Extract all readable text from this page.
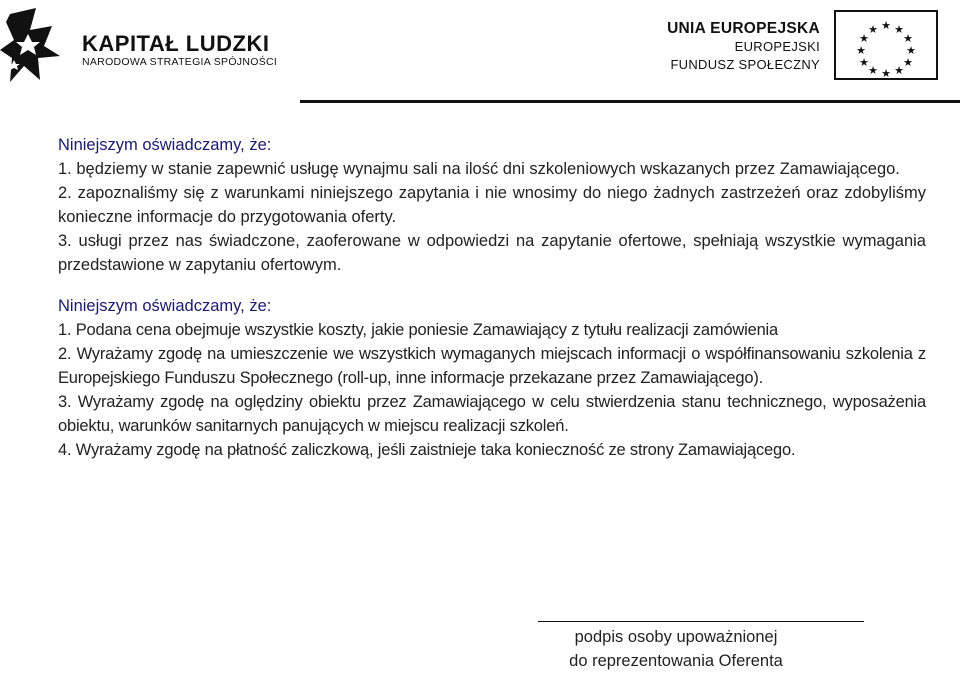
KAPITAŁ LUDZKI
NARODOWA STRATEGIA SPÓJNOŚCI
UNIA EUROPEJSKA
EUROPEJSKI
FUNDUSZ SPOŁECZNY
★ ★
★
★
★
★
★
★
★
★
★
★
Niniejszym oświadczamy, że:
1. będziemy w stanie zapewnić usługę wynajmu sali na ilość dni szkoleniowych wskazanych przez Zamawiającego.
2. zapoznaliśmy się z warunkami niniejszego zapytania i nie wnosimy do niego żadnych zastrzeżeń oraz zdobyliśmy konieczne informacje do przygotowania oferty.
3. usługi przez nas świadczone, zaoferowane w odpowiedzi na zapytanie ofertowe, spełniają wszystkie wymagania przedstawione w zapytaniu ofertowym.
Niniejszym oświadczamy, że:
1. Podana cena obejmuje wszystkie koszty, jakie poniesie Zamawiający z tytułu realizacji zamówienia
2. Wyrażamy zgodę na umieszczenie we wszystkich wymaganych miejscach informacji o współfinansowaniu szkolenia z Europejskiego Funduszu Społecznego (roll-up, inne informacje przekazane przez Zamawiającego).
3. Wyrażamy zgodę na oględziny obiektu przez Zamawiającego w celu stwierdzenia stanu technicznego, wyposażenia obiektu, warunków sanitarnych panujących w miejscu realizacji szkoleń.
4. Wyrażamy zgodę na płatność zaliczkową, jeśli zaistnieje taka konieczność ze strony Zamawiającego.
podpis osoby upoważnionej
do reprezentowania Oferenta
